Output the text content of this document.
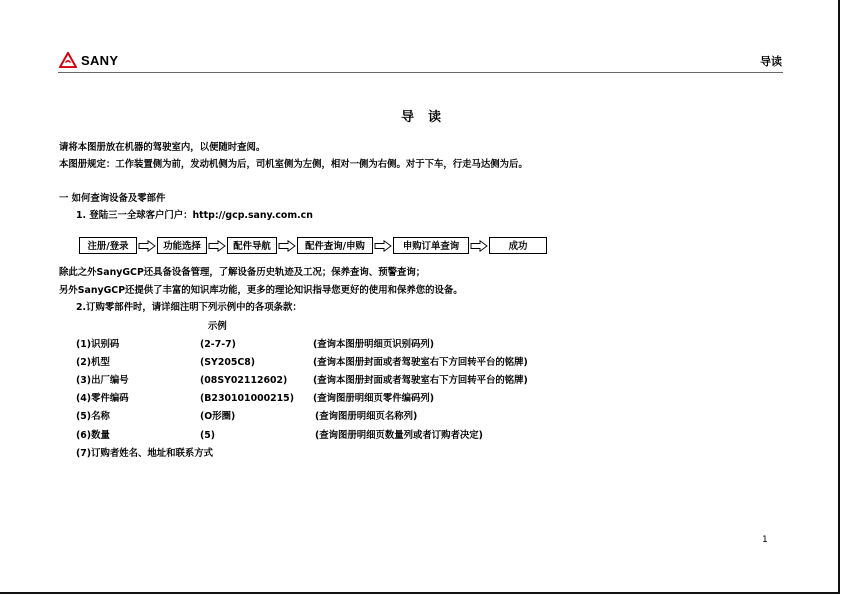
SANY	导读
导读
请将本图册放在机器的驾驶室内，以便随时查阅。
本图册规定：工作装置侧为前，发动机侧为后，司机室侧为左侧，相对一侧为右侧。对于下车，行走马达侧为后。
一 如何查询设备及零部件
1. 登陆三一全球客户门户：http://gcp.sany.com.cn
注册/登录	功能选择	配件导航	配件查询/申购	申购订单查询	成功
除此之外SanyGCP还具备设备管理，了解设备历史轨迹及工况；保养查询、预警查询；
另外SanyGCP还提供了丰富的知识库功能，更多的理论知识指导您更好的使用和保养您的设备。
2.订购零部件时，请详细注明下列示例中的各项条款：
示例
(1)识别码	(2-7-7)	(查询本图册明细页识别码列)
(2)机型	(SY205C8)	(查询本图册封面或者驾驶室右下方回转平台的铭牌)
(3)出厂编号	(08SY02112602)	(查询本图册封面或者驾驶室右下方回转平台的铭牌)
(4)零件编码	(B230101000215) (查询图册明细页零件编码列)
(5)名称	(O形圈)	(查询图册明细页名称列)
(6)数量	(5)	(查询图册明细页数量列或者订购者决定)
(7)订购者姓名、地址和联系方式
1
